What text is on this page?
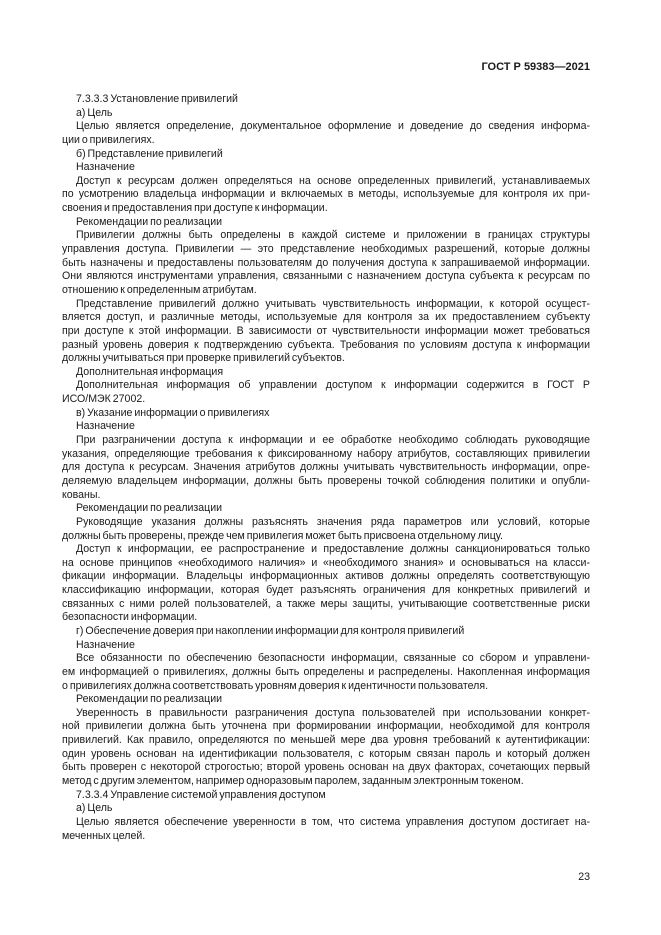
ГОСТ Р 59383—2021
7.3.3.3 Установление привилегий
а) Цель
Целью является определение, документальное оформление и доведение до сведения информа-
ции о привилегиях.
б) Представление привилегий
Назначение
Доступ к ресурсам должен определяться на основе определенных привилегий, устанавливаемых
по усмотрению владельца информации и включаемых в методы, используемые для контроля их при-
своения и предоставления при доступе к информации.
Рекомендации по реализации
Привилегии должны быть определены в каждой системе и приложении в границах структуры
управления доступа. Привилегии — это представление необходимых разрешений, которые должны
быть назначены и предоставлены пользователям до получения доступа к запрашиваемой информации.
Они являются инструментами управления, связанными с назначением доступа субъекта к ресурсам по
отношению к определенным атрибутам.
Представление привилегий должно учитывать чувствительность информации, к которой осущест-
вляется доступ, и различные методы, используемые для контроля за их предоставлением субъекту
при доступе к этой информации. В зависимости от чувствительности информации может требоваться
разный уровень доверия к подтверждению субъекта. Требования по условиям доступа к информации
должны учитываться при проверке привилегий субъектов.
Дополнительная информация
Дополнительная информация об управлении доступом к информации содержится в ГОСТ Р
ИСО/МЭК 27002.
в) Указание информации о привилегиях
Назначение
При разграничении доступа к информации и ее обработке необходимо соблюдать руководящие
указания, определяющие требования к фиксированному набору атрибутов, составляющих привилегии
для доступа к ресурсам. Значения атрибутов должны учитывать чувствительность информации, опре-
деляемую владельцем информации, должны быть проверены точкой соблюдения политики и опубли-
кованы.
Рекомендации по реализации
Руководящие указания должны разъяснять значения ряда параметров или условий, которые
должны быть проверены, прежде чем привилегия может быть присвоена отдельному лицу.
Доступ к информации, ее распространение и предоставление должны санкционироваться только
на основе принципов «необходимого наличия» и «необходимого знания» и основываться на класси-
фикации информации. Владельцы информационных активов должны определять соответствующую
классификацию информации, которая будет разъяснять ограничения для конкретных привилегий и
связанных с ними ролей пользователей, а также меры защиты, учитывающие соответственные риски
безопасности информации.
г) Обеспечение доверия при накоплении информации для контроля привилегий
Назначение
Все обязанности по обеспечению безопасности информации, связанные со сбором и управлени-
ем информацией о привилегиях, должны быть определены и распределены. Накопленная информация
о привилегиях должна соответствовать уровням доверия к идентичности пользователя.
Рекомендации по реализации
Уверенность в правильности разграничения доступа пользователей при использовании конкрет-
ной привилегии должна быть уточнена при формировании информации, необходимой для контроля
привилегий. Как правило, определяются по меньшей мере два уровня требований к аутентификации:
один уровень основан на идентификации пользователя, с которым связан пароль и который должен
быть проверен с некоторой строгостью; второй уровень основан на двух факторах, сочетающих первый
метод с другим элементом, например одноразовым паролем, заданным электронным токеном.
7.3.3.4 Управление системой управления доступом
а) Цель
Целью является обеспечение уверенности в том, что система управления доступом достигает на-
меченных целей.
23
